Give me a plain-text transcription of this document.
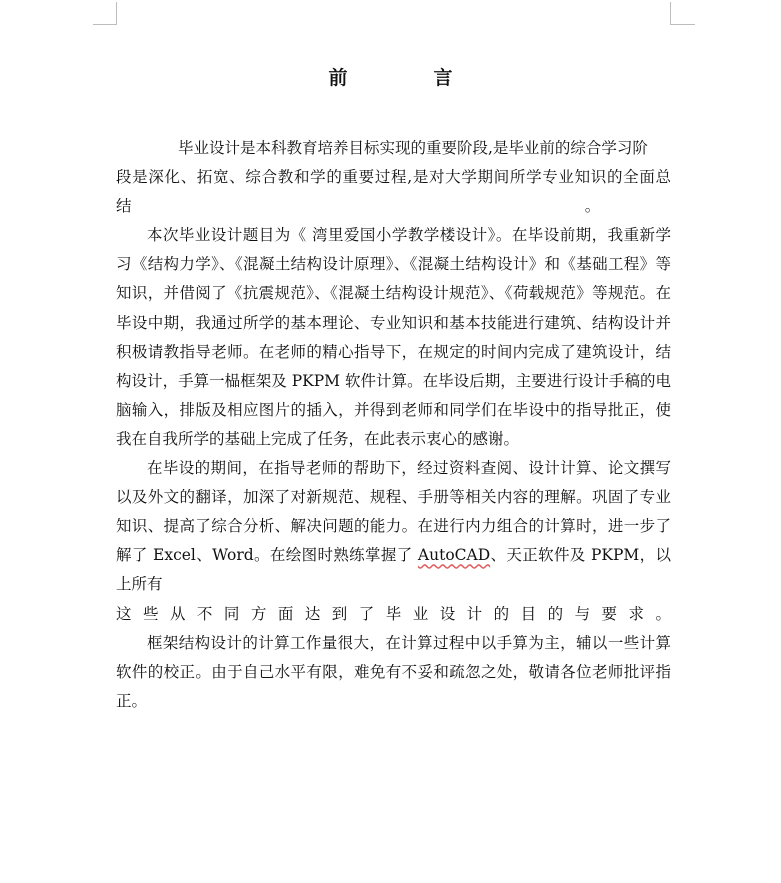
前	言

毕业设计是本科教育培养目标实现的重要阶段,是毕业前的综合学习阶

段是深化、拓宽、综合教和学的重要过程,是对大学期间所学专业知识的全面总

结                                                                                            。

本次毕业设计题目为《 湾里爱国小学教学楼设计》。在毕设前期，我重新学习《结构力学》、《混凝土结构设计原理》、《混凝土结构设计》和《基础工程》等知识，并借阅了《抗震规范》、《混凝土结构设计规范》、《荷载规范》等规范。在毕设中期，我通过所学的基本理论、专业知识和基本技能进行建筑、结构设计并积极请教指导老师。在老师的精心指导下，在规定的时间内完成了建筑设计，结构设计，手算一榀框架及 PKPM 软件计算。在毕设后期，主要进行设计手稿的电脑输入，排版及相应图片的插入，并得到老师和同学们在毕设中的指导批正，使我在自我所学的基础上完成了任务，在此表示衷心的感谢。

在毕设的期间，在指导老师的帮助下，经过资料查阅、设计计算、论文撰写以及外文的翻译，加深了对新规范、规程、手册等相关内容的理解。巩固了专业知识、提高了综合分析、解决问题的能力。在进行内力组合的计算时，进一步了解了 Excel、Word。在绘图时熟练掌握了 AutoCAD、天正软件及 PKPM，以上所有

这 些 从 不 同 方 面 达 到 了 毕 业 设 计 的 目 的 与 要 求 。

框架结构设计的计算工作量很大，在计算过程中以手算为主，辅以一些计算软件的校正。由于自己水平有限，难免有不妥和疏忽之处，敬请各位老师批评指正。
